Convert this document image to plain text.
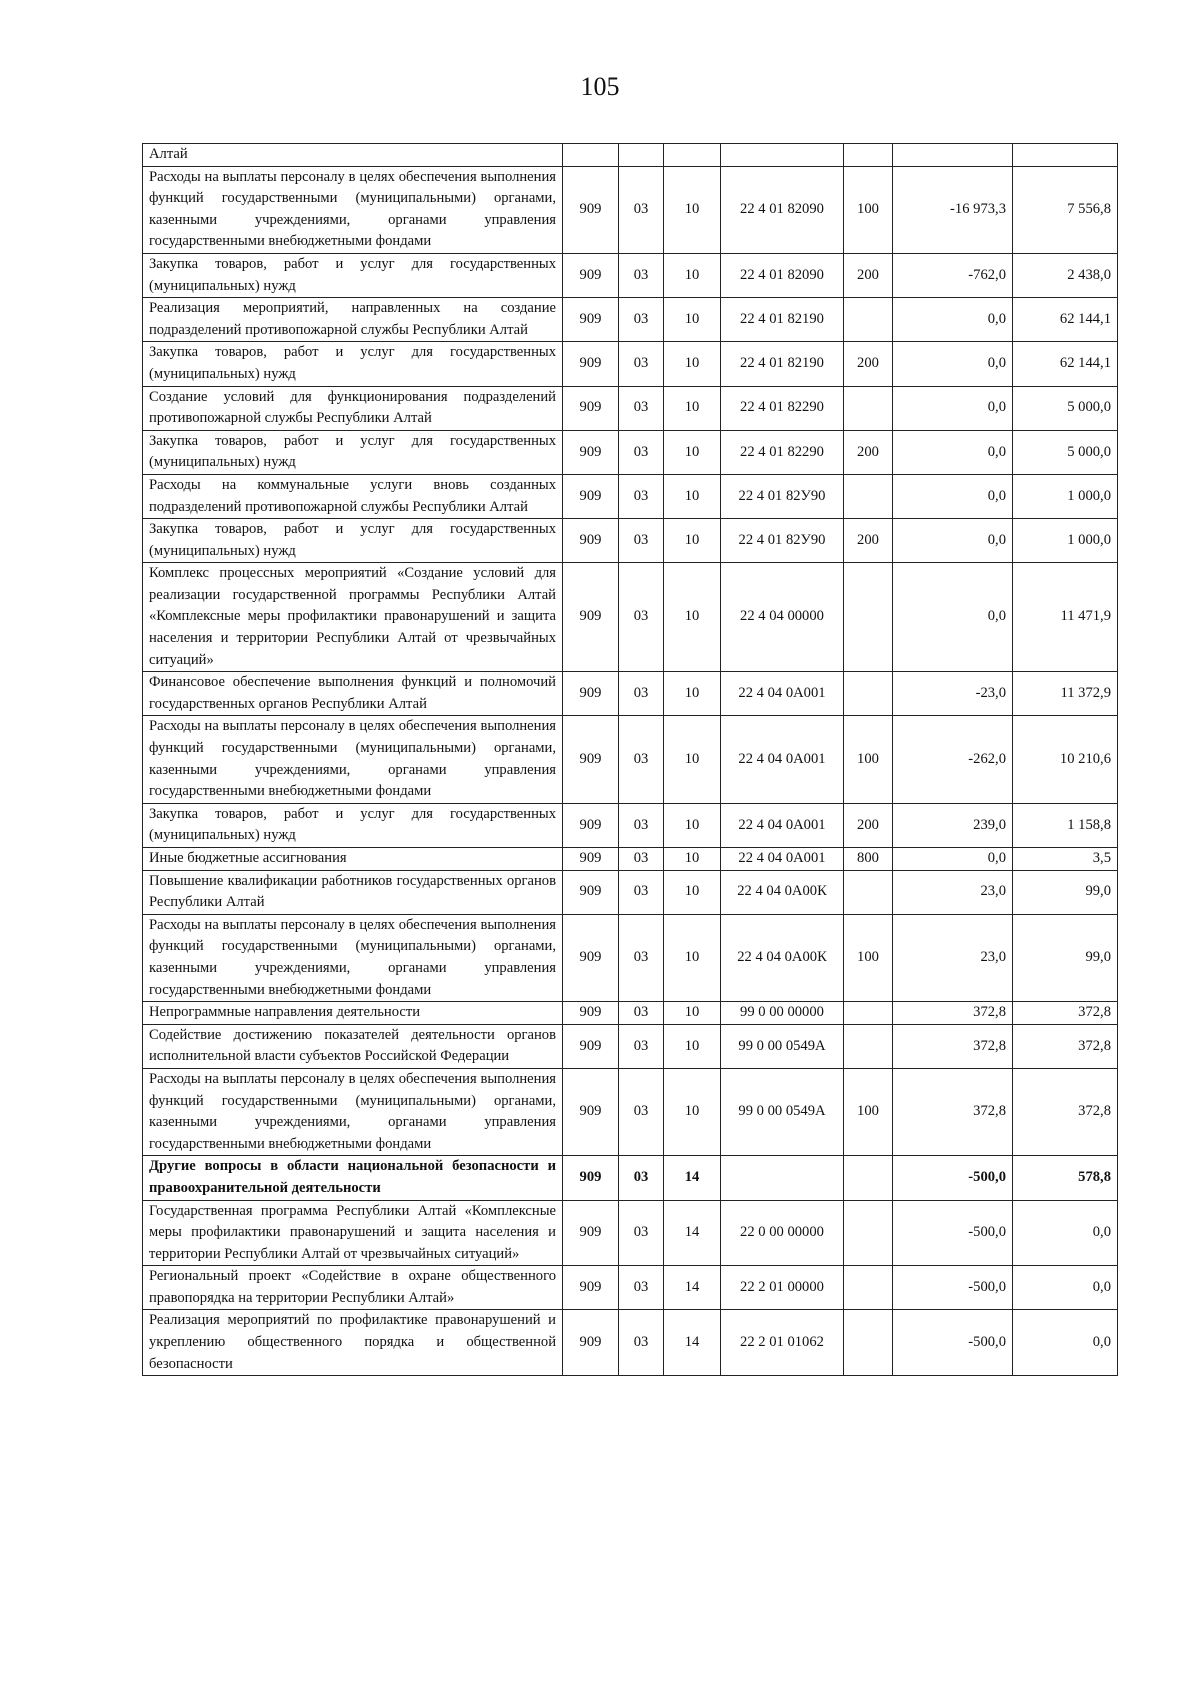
105
Алтай							
Расходы на выплаты персоналу в целях обеспечения выполнения функций государственными (муниципальными) органами, казенными учреждениями, органами управления государственными внебюджетными фондами	909	03	10	22 4 01 82090	100	-16 973,3	7 556,8
Закупка товаров, работ и услуг для государственных (муниципальных) нужд	909	03	10	22 4 01 82090	200	-762,0	2 438,0
Реализация мероприятий, направленных на создание подразделений противопожарной службы Республики Алтай	909	03	10	22 4 01 82190		0,0	62 144,1
Закупка товаров, работ и услуг для государственных (муниципальных) нужд	909	03	10	22 4 01 82190	200	0,0	62 144,1
Создание условий для функционирования подразделений противопожарной службы Республики Алтай	909	03	10	22 4 01 82290		0,0	5 000,0
Закупка товаров, работ и услуг для государственных (муниципальных) нужд	909	03	10	22 4 01 82290	200	0,0	5 000,0
Расходы на коммунальные услуги вновь созданных подразделений противопожарной службы Республики Алтай	909	03	10	22 4 01 82У90		0,0	1 000,0
Закупка товаров, работ и услуг для государственных (муниципальных) нужд	909	03	10	22 4 01 82У90	200	0,0	1 000,0
Комплекс процессных мероприятий «Создание условий для реализации государственной программы Республики Алтай «Комплексные меры профилактики правонарушений и защита населения и территории Республики Алтай от чрезвычайных ситуаций»	909	03	10	22 4 04 00000		0,0	11 471,9
Финансовое обеспечение выполнения функций и полномочий государственных органов Республики Алтай	909	03	10	22 4 04 0А001		-23,0	11 372,9
Расходы на выплаты персоналу в целях обеспечения выполнения функций государственными (муниципальными) органами, казенными учреждениями, органами управления государственными внебюджетными фондами	909	03	10	22 4 04 0А001	100	-262,0	10 210,6
Закупка товаров, работ и услуг для государственных (муниципальных) нужд	909	03	10	22 4 04 0А001	200	239,0	1 158,8
Иные бюджетные ассигнования	909	03	10	22 4 04 0А001	800	0,0	3,5
Повышение квалификации работников государственных органов Республики Алтай	909	03	10	22 4 04 0А00К		23,0	99,0
Расходы на выплаты персоналу в целях обеспечения выполнения функций государственными (муниципальными) органами, казенными учреждениями, органами управления государственными внебюджетными фондами	909	03	10	22 4 04 0А00К	100	23,0	99,0
Непрограммные направления деятельности	909	03	10	99 0 00 00000		372,8	372,8
Содействие достижению показателей деятельности органов исполнительной власти субъектов Российской Федерации	909	03	10	99 0 00 0549А		372,8	372,8
Расходы на выплаты персоналу в целях обеспечения выполнения функций государственными (муниципальными) органами, казенными учреждениями, органами управления государственными внебюджетными фондами	909	03	10	99 0 00 0549А	100	372,8	372,8
Другие вопросы в области национальной безопасности и правоохранительной деятельности	909	03	14			-500,0	578,8
Государственная программа Республики Алтай «Комплексные меры профилактики правонарушений и защита населения и территории Республики Алтай от чрезвычайных ситуаций»	909	03	14	22 0 00 00000		-500,0	0,0
Региональный проект «Содействие в охране общественного правопорядка на территории Республики Алтай»	909	03	14	22 2 01 00000		-500,0	0,0
Реализация мероприятий по профилактике правонарушений и укреплению общественного порядка и общественной безопасности	909	03	14	22 2 01 01062		-500,0	0,0
